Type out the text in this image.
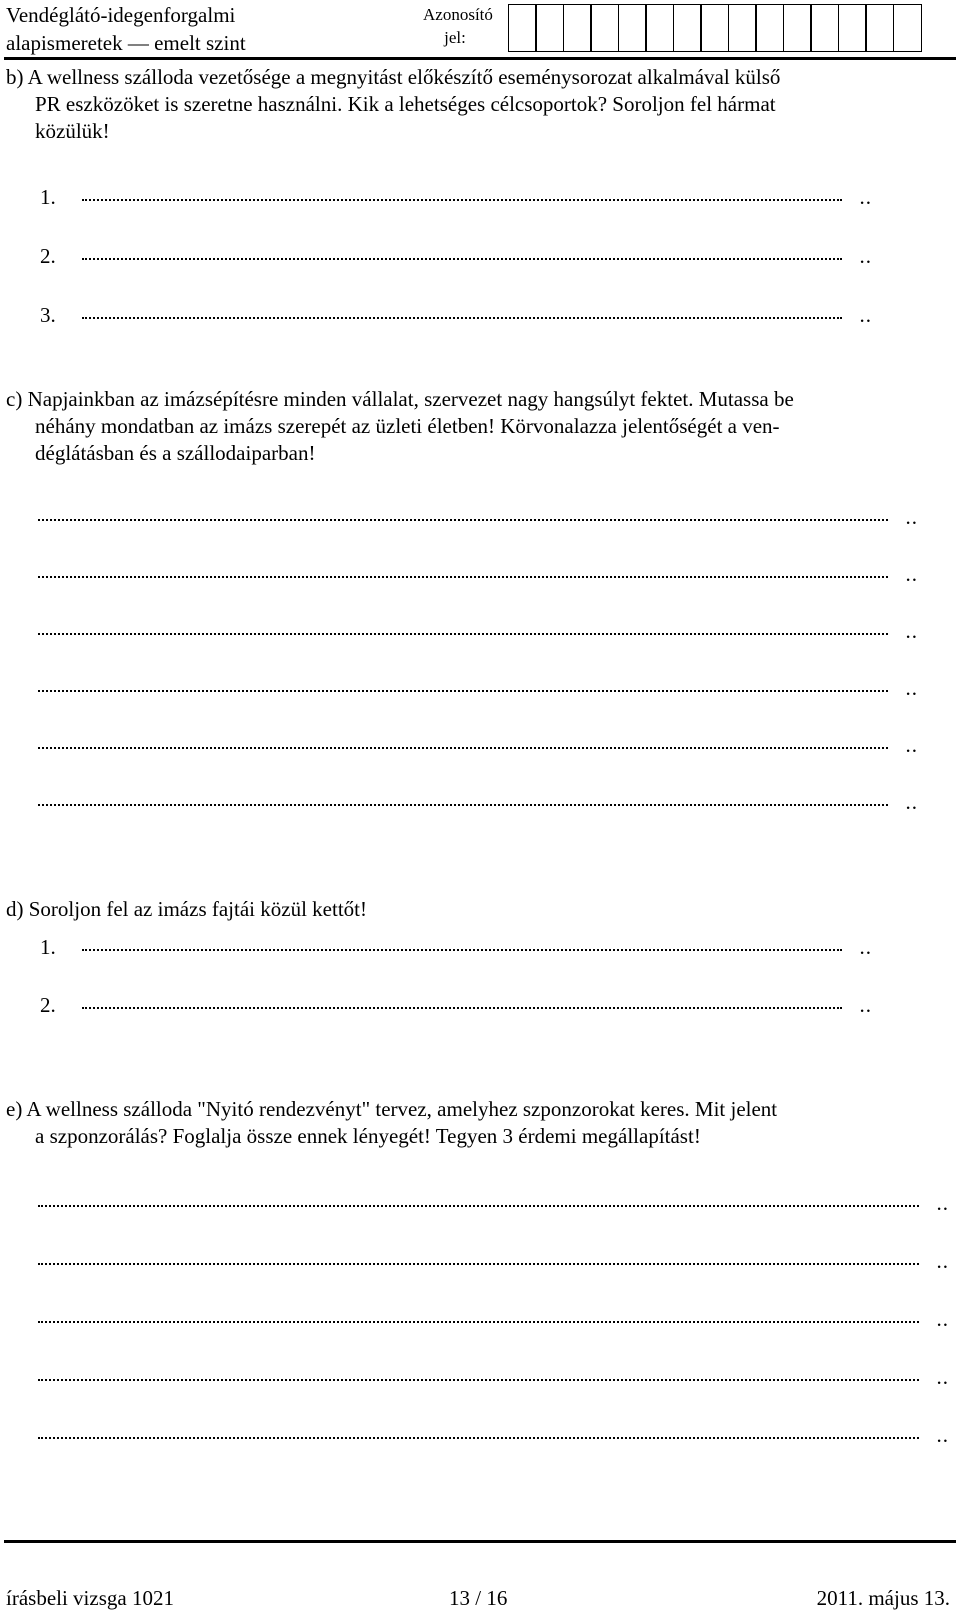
Vendéglátó-idegenforgalmi
alapismeretek — emelt szint
Azonosító
jel:
b) A wellness szálloda vezetősége a megnyitást előkészítő eseménysorozat alkalmával külső
PR eszközöket is szeretne használni. Kik a lehetséges célcsoportok? Soroljon fel hármat
közülük!
1.	..
2.	..
3.	..
c) Napjainkban az imázsépítésre minden vállalat, szervezet nagy hangsúlyt fektet. Mutassa be
néhány mondatban az imázs szerepét az üzleti életben! Körvonalazza jelentőségét a ven-
déglátásban és a szállodaiparban!
..
..
..
..
..
..
d) Soroljon fel az imázs fajtái közül kettőt!
1.	..
2.	..
e) A wellness szálloda "Nyitó rendezvényt" tervez, amelyhez szponzorokat keres. Mit jelent
a szponzorálás? Foglalja össze ennek lényegét! Tegyen 3 érdemi megállapítást!
..
..
..
..
..
írásbeli vizsga 1021	13 / 16	2011. május 13.
